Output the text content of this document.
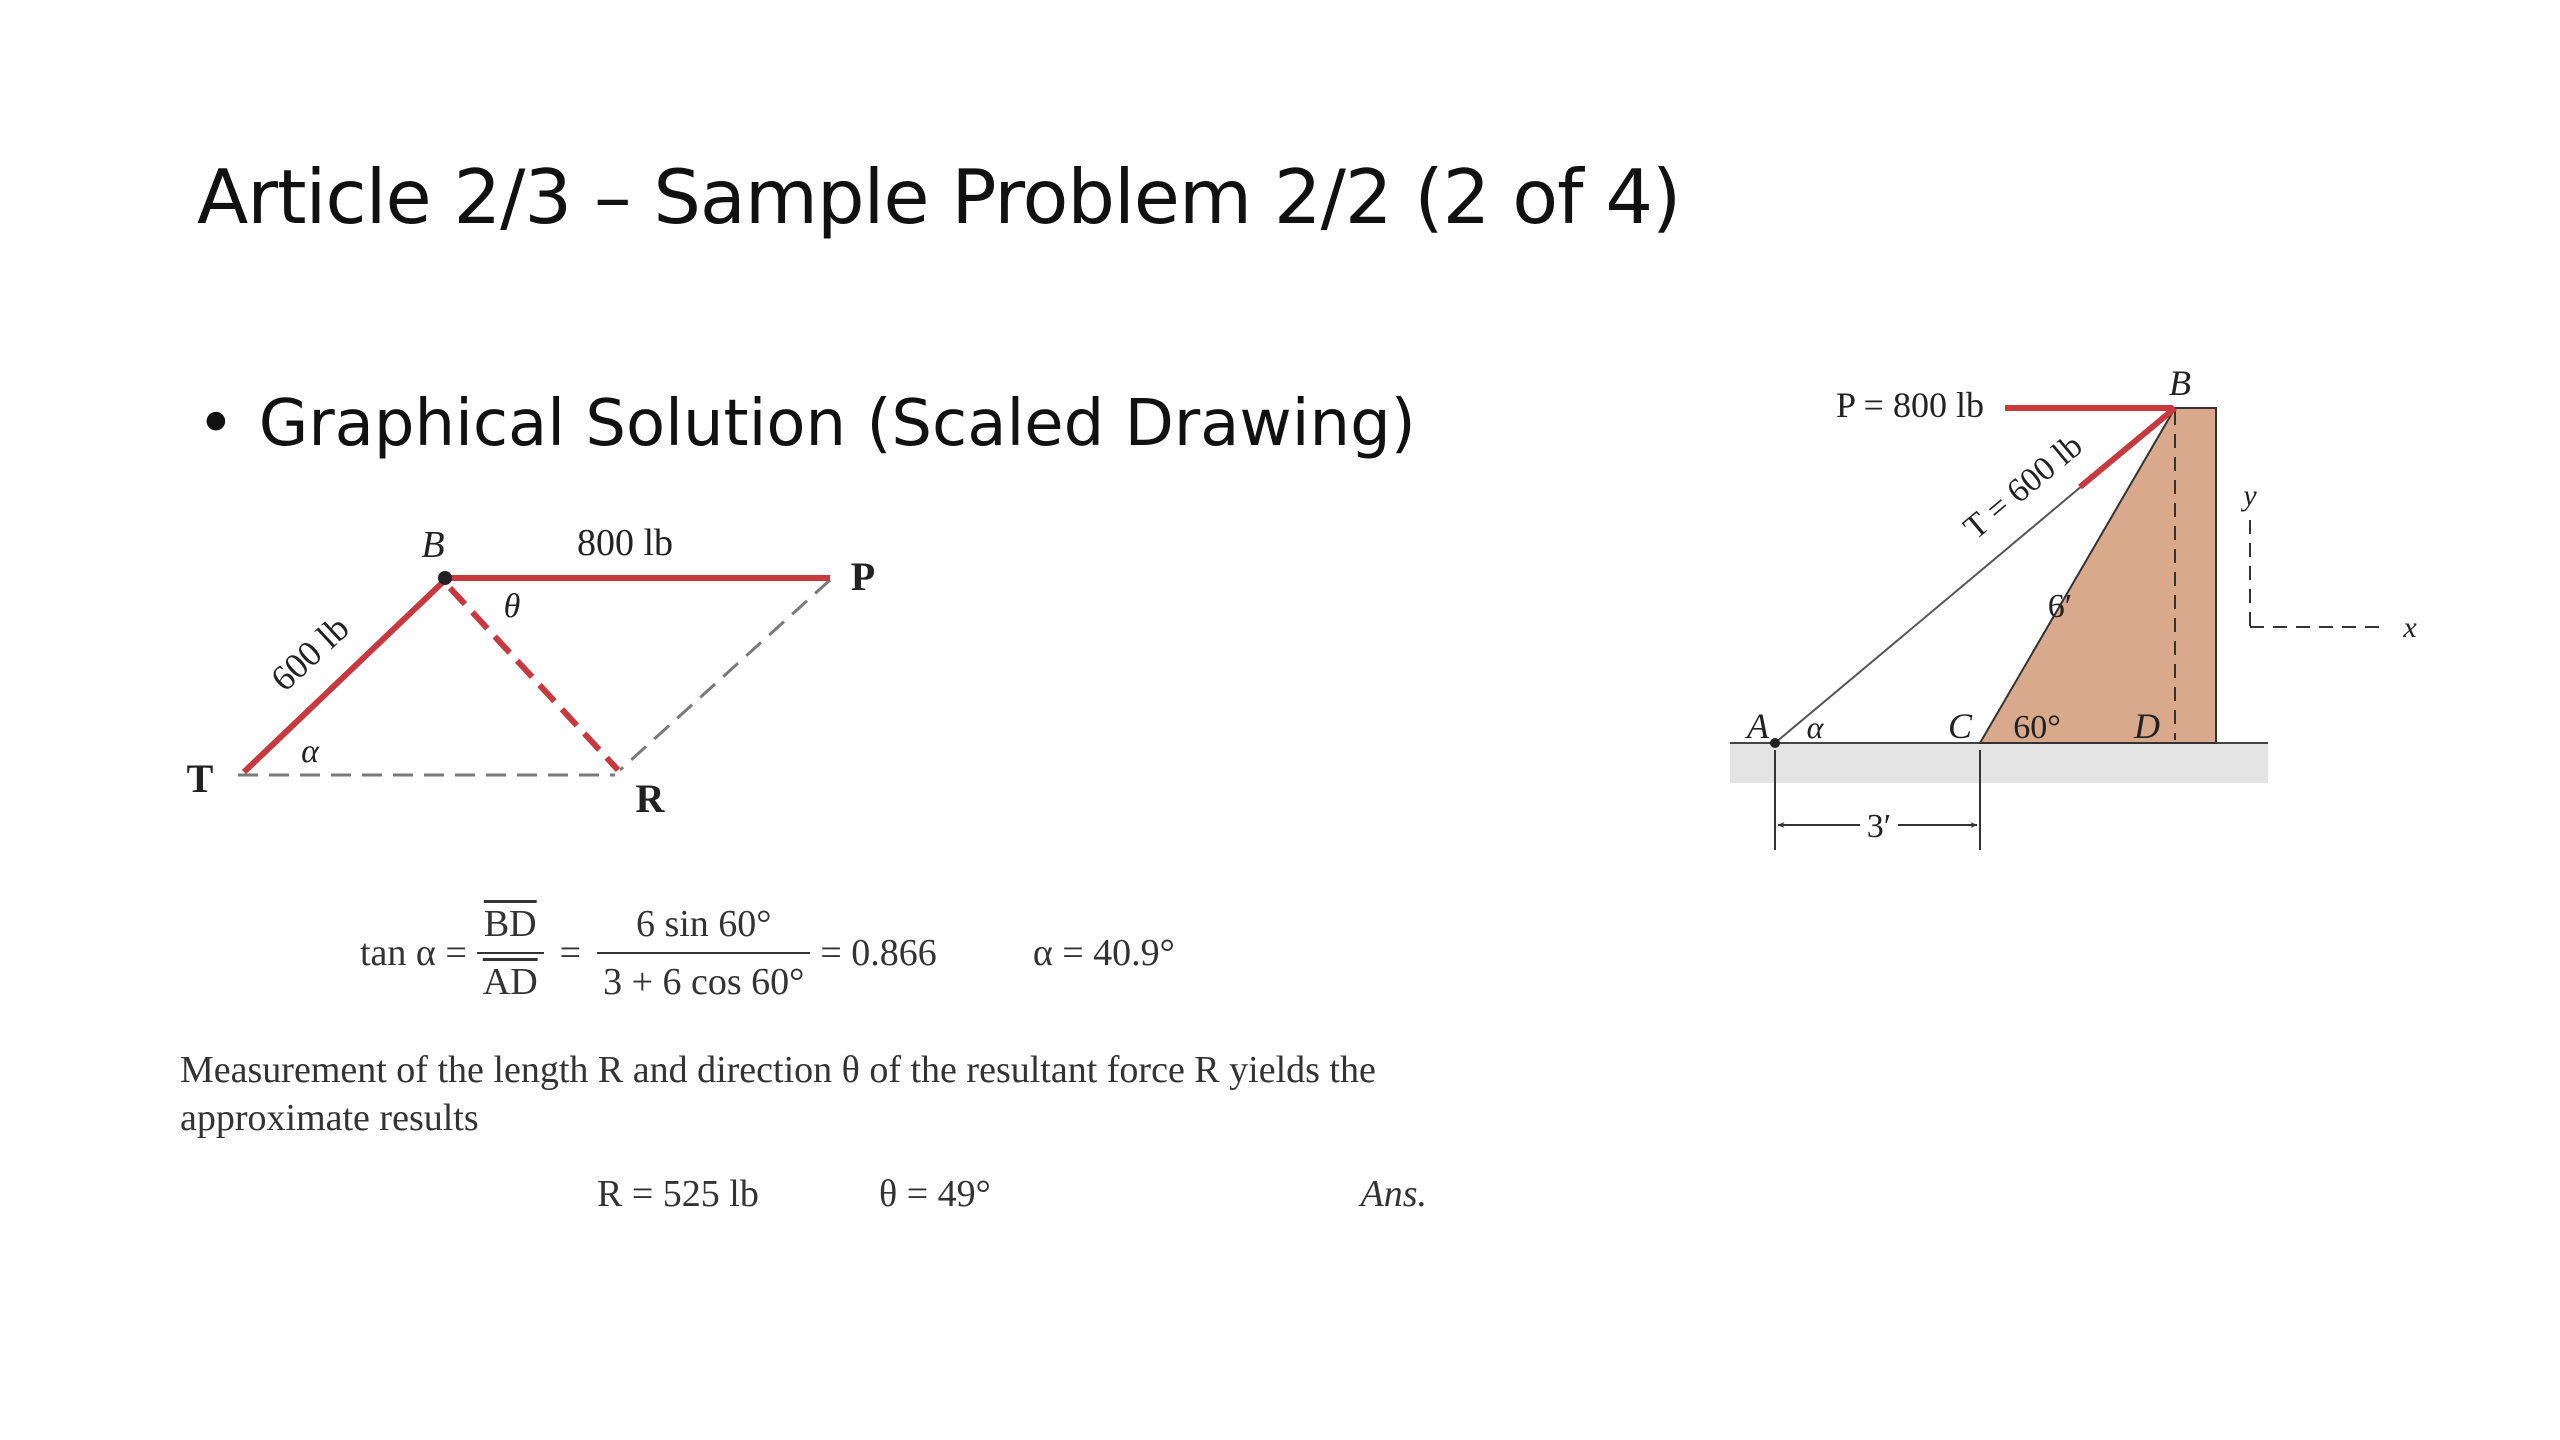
Article 2/3 – Sample Problem 2/2 (2 of 4)
• Graphical Solution (Scaled Drawing)
B	800 lb
P
θ
600 lb
α
T	R
y
x
3′
B
P = 800 lb
T = 600 lb
6′
A α	C 60° D
$\tan \alpha = \frac{\overline{BD}}{AD} = \frac{6 \sin 60^\circ}{3 + 6 \cos 60^\circ} = 0.866$	α = 40.9°

Measurement of the length R and direction θ of the resultant force R yields the approximate results

R = 525 lb	θ = 49°	Ans.
